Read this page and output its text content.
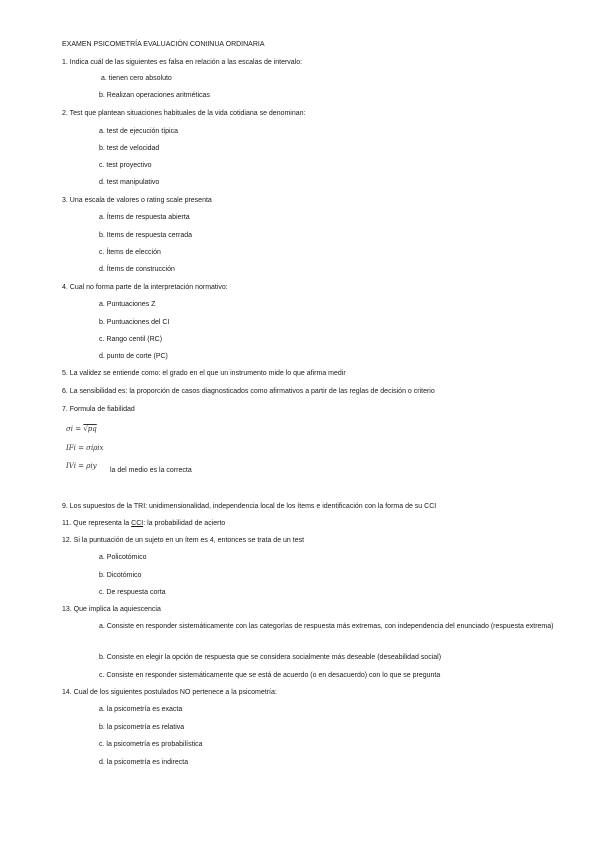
EXAMEN PSICOMETRÍA EVALUACIÓN CONtINUA ORDINARIA
1. Indica cuál de las siguientes es falsa en relación a las escalas de intervalo:
a. tienen cero absoluto
b. Realizan operaciones aritméticas
2. Test que plantean situaciones habituales de la vida cotidiana se denominan:
a. test de ejecución típica
b. test de velocidad
c. test proyectivo
d. test manipulativo
3. Una escala de valores o rating scale presenta
a. Ítems de respuesta abierta
b. Items de respuesta cerrada
c. Ítems de elección
d. Ítems de construcción
4. Cual no forma parte de la interpretación normativo:
a. Puntuaciones Z
b. Puntuaciones del CI
c. Rango centil (RC)
d. punto de corte (PC)
5. La validez se entiende como: el grado en el que un instrumento mide lo que afirma medir
6. La sensibilidad es: la proporción de casos diagnosticados como afirmativos a partir de las reglas de decisión o criterio
7. Formula de fiabilidad
σi = √pq
IFi = σiρix
IVi = ρiy
la del medio es la correcta
9. Los supuestos de la TRI: unidimensionalidad, independencia local de los ítems e identificación con la forma de su CCI
11. Que representa la CCI: la probabilidad de acierto
12. Si la puntuación de un sujeto en un ítem es 4, entonces se trata de un test
a. Policotómico
b. Dicotómico
c. De respuesta corta
13. Que implica la aquiescencia
a. Consiste en responder sistemáticamente con las categorías de respuesta más extremas, con independencia del enunciado (respuesta extrema)
b. Consiste en elegir la opción de respuesta que se considera socialmente más deseable (deseabilidad social)
c. Consiste en responder sistemáticamente que se está de acuerdo (o en desacuerdo) con lo que se pregunta
14. Cual de los siguientes postulados NO pertenece a la psicometría:
a. la psicometría es exacta
b. la psicometría es relativa
c. la psicometría es probabilística
d. la psicometría es indirecta
